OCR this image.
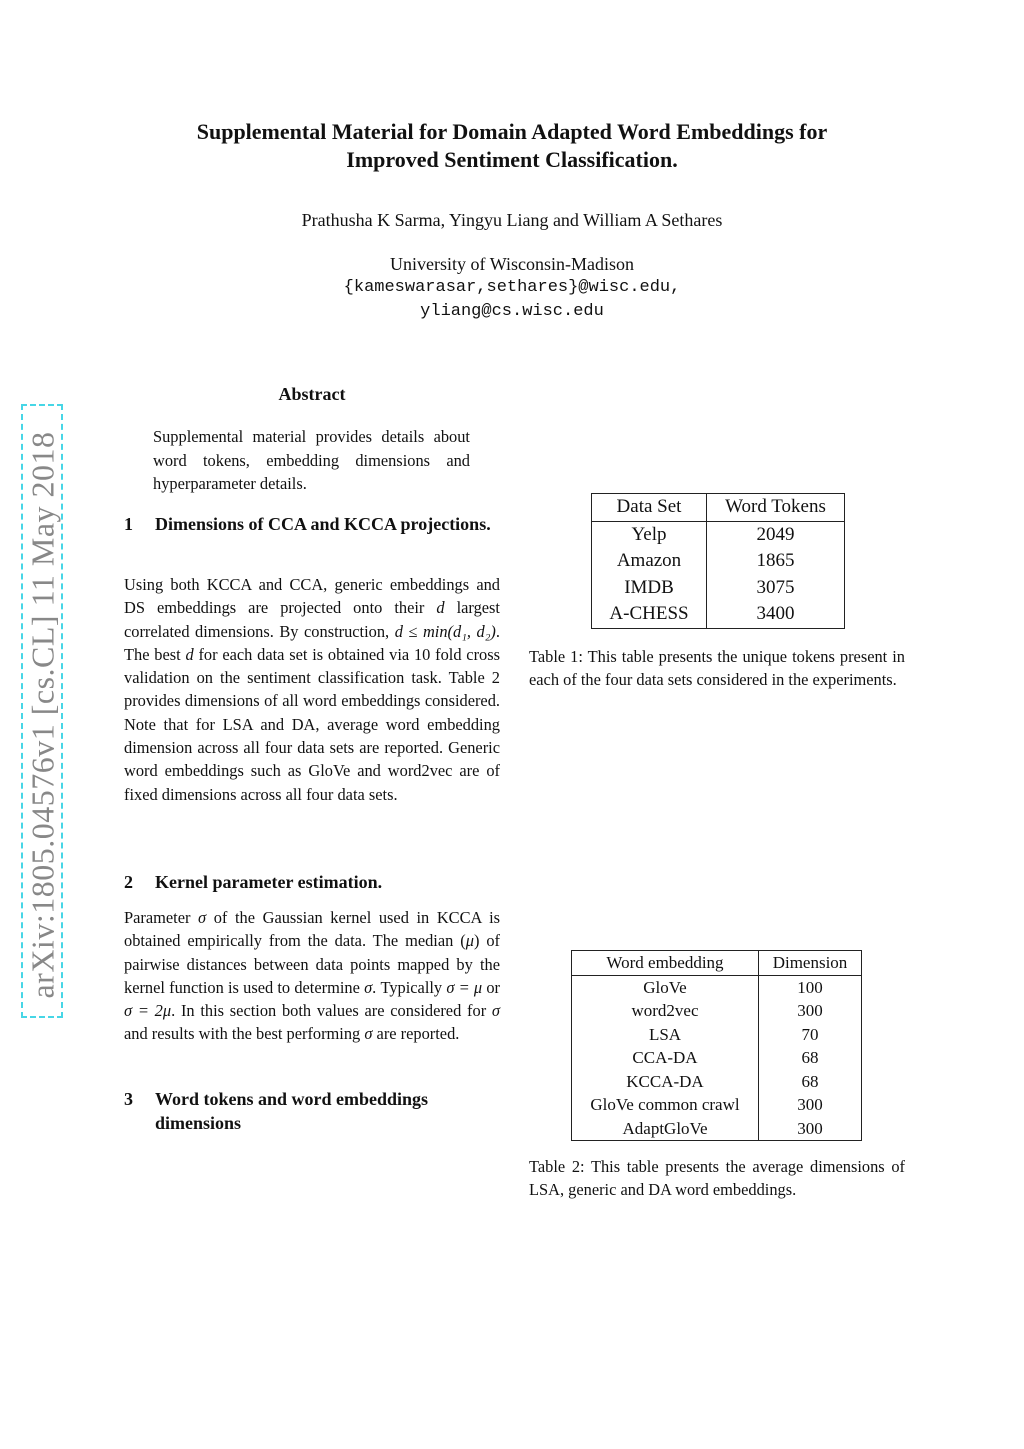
arXiv:1805.04576v1 [cs.CL] 11 May 2018
Supplemental Material for Domain Adapted Word Embeddings for
Improved Sentiment Classification.
Prathusha K Sarma, Yingyu Liang and William A Sethares
University of Wisconsin-Madison
{kameswarasar,sethares}@wisc.edu,
yliang@cs.wisc.edu
Abstract
Supplemental material provides details about word tokens, embedding dimensions and hyperparameter details.
1 Dimensions of CCA and KCCA projections.
Using both KCCA and CCA, generic embeddings and DS embeddings are projected onto their d largest correlated dimensions. By construction, d ≤ min(d₁, d₂). The best d for each data set is obtained via 10 fold cross validation on the sentiment classification task. Table 2 provides dimensions of all word embeddings considered. Note that for LSA and DA, average word embedding dimension across all four data sets are reported. Generic word embeddings such as GloVe and word2vec are of fixed dimensions across all four data sets.
2 Kernel parameter estimation.
Parameter σ of the Gaussian kernel used in KCCA is obtained empirically from the data. The median (μ) of pairwise distances between data points mapped by the kernel function is used to determine σ. Typically σ = μ or σ = 2μ. In this section both values are considered for σ and results with the best performing σ are reported.
3 Word tokens and word embeddings dimensions
Data Set	Word Tokens
Yelp	2049
Amazon	1865
IMDB	3075
A-CHESS	3400
Table 1: This table presents the unique tokens present in each of the four data sets considered in the experiments.
Word embedding	Dimension
GloVe	100
word2vec	300
LSA	70
CCA-DA	68
KCCA-DA	68
GloVe common crawl	300
AdaptGloVe	300
Table 2: This table presents the average dimensions of LSA, generic and DA word embeddings.
